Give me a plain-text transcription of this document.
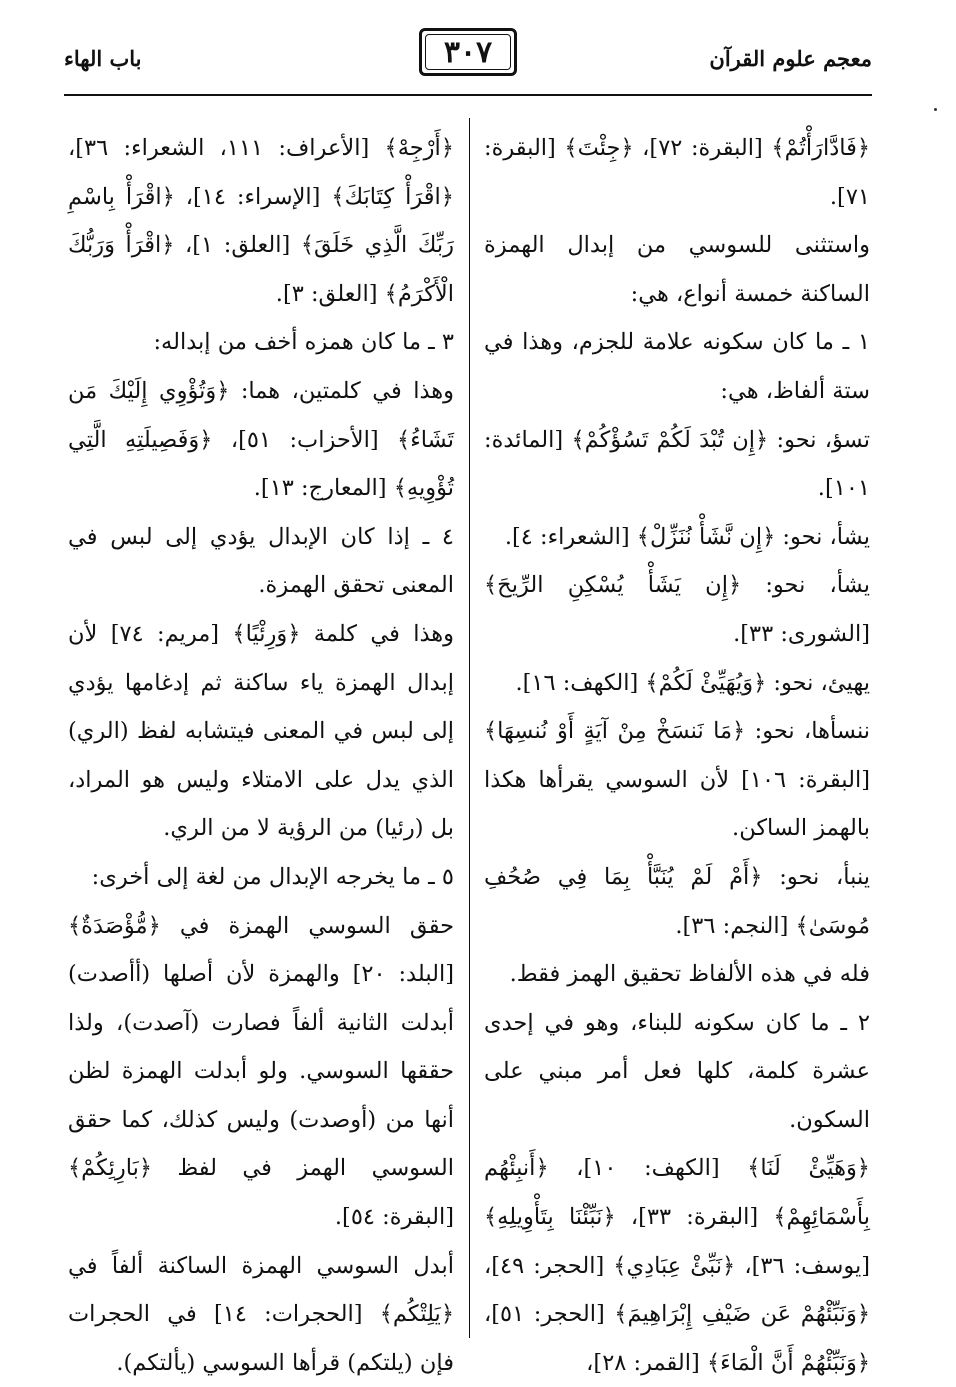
باب الهاء	٣٠٧	معجم علوم القرآن

﴿فَادَّارَأْتُمْ﴾ [البقرة: ٧٢]، ﴿جِئْتَ﴾ [البقرة: ٧١].

واستثنى للسوسي من إبدال الهمزة الساكنة خمسة أنواع، هي:

١ ـ ما كان سكونه علامة للجزم، وهذا في ستة ألفاظ، هي:

تسؤ، نحو: ﴿إِن تُبْدَ لَكُمْ تَسُؤْكُمْ﴾ [المائدة: ١٠١].

يشأ، نحو: ﴿إِن نَّشَأْ نُنَزِّلْ﴾ [الشعراء: ٤].

يشأ، نحو: ﴿إِن يَشَأْ يُسْكِنِ الرِّيحَ﴾ [الشورى: ٣٣].

يهيئ، نحو: ﴿وَيُهَيِّئْ لَكُمْ﴾ [الكهف: ١٦].

ننسأها، نحو: ﴿مَا نَنسَخْ مِنْ آيَةٍ أَوْ نُنسِهَا﴾ [البقرة: ١٠٦] لأن السوسي يقرأها هكذا بالهمز الساكن.

ينبأ، نحو: ﴿أَمْ لَمْ يُنَبَّأْ بِمَا فِي صُحُفِ مُوسَىٰ﴾ [النجم: ٣٦].

فله في هذه الألفاظ تحقيق الهمز فقط.

٢ ـ ما كان سكونه للبناء، وهو في إحدى عشرة كلمة، كلها فعل أمر مبني على السكون.

﴿وَهَيِّئْ لَنَا﴾ [الكهف: ١٠]، ﴿أَنبِئْهُم بِأَسْمَائِهِمْ﴾ [البقرة: ٣٣]، ﴿نَبِّئْنَا بِتَأْوِيلِهِ﴾ [يوسف: ٣٦]، ﴿نَبِّئْ عِبَادِي﴾ [الحجر: ٤٩]، ﴿وَنَبِّئْهُمْ عَن ضَيْفِ إِبْرَاهِيمَ﴾ [الحجر: ٥١]، ﴿وَنَبِّئْهُمْ أَنَّ الْمَاءَ﴾ [القمر: ٢٨]،

﴿أَرْجِهْ﴾ [الأعراف: ١١١، الشعراء: ٣٦]، ﴿اقْرَأْ كِتَابَكَ﴾ [الإسراء: ١٤]، ﴿اقْرَأْ بِاسْمِ رَبِّكَ الَّذِي خَلَقَ﴾ [العلق: ١]، ﴿اقْرَأْ وَرَبُّكَ الْأَكْرَمُ﴾ [العلق: ٣].

٣ ـ ما كان همزه أخف من إبداله:

وهذا في كلمتين، هما: ﴿وَتُؤْوِي إِلَيْكَ مَن تَشَاءُ﴾ [الأحزاب: ٥١]، ﴿وَفَصِيلَتِهِ الَّتِي تُؤْوِيهِ﴾ [المعارج: ١٣].

٤ ـ إذا كان الإبدال يؤدي إلى لبس في المعنى تحقق الهمزة.

وهذا في كلمة ﴿وَرِئْيًا﴾ [مريم: ٧٤] لأن إبدال الهمزة ياء ساكنة ثم إدغامها يؤدي إلى لبس في المعنى فيتشابه لفظ (الري) الذي يدل على الامتلاء وليس هو المراد، بل (رئيا) من الرؤية لا من الري.

٥ ـ ما يخرجه الإبدال من لغة إلى أخرى:

حقق السوسي الهمزة في ﴿مُّؤْصَدَةٌ﴾ [البلد: ٢٠] والهمزة لأن أصلها (أأصدت) أبدلت الثانية ألفاً فصارت (آصدت)، ولذا حققها السوسي. ولو أبدلت الهمزة لظن أنها من (أوصدت) وليس كذلك، كما حقق السوسي الهمز في لفظ ﴿بَارِئِكُمْ﴾ [البقرة: ٥٤].

أبدل السوسي الهمزة الساكنة ألفاً في ﴿يَلِتْكُم﴾ [الحجرات: ١٤] في الحجرات فإن (يلتكم) قرأها السوسي (يألتكم).
